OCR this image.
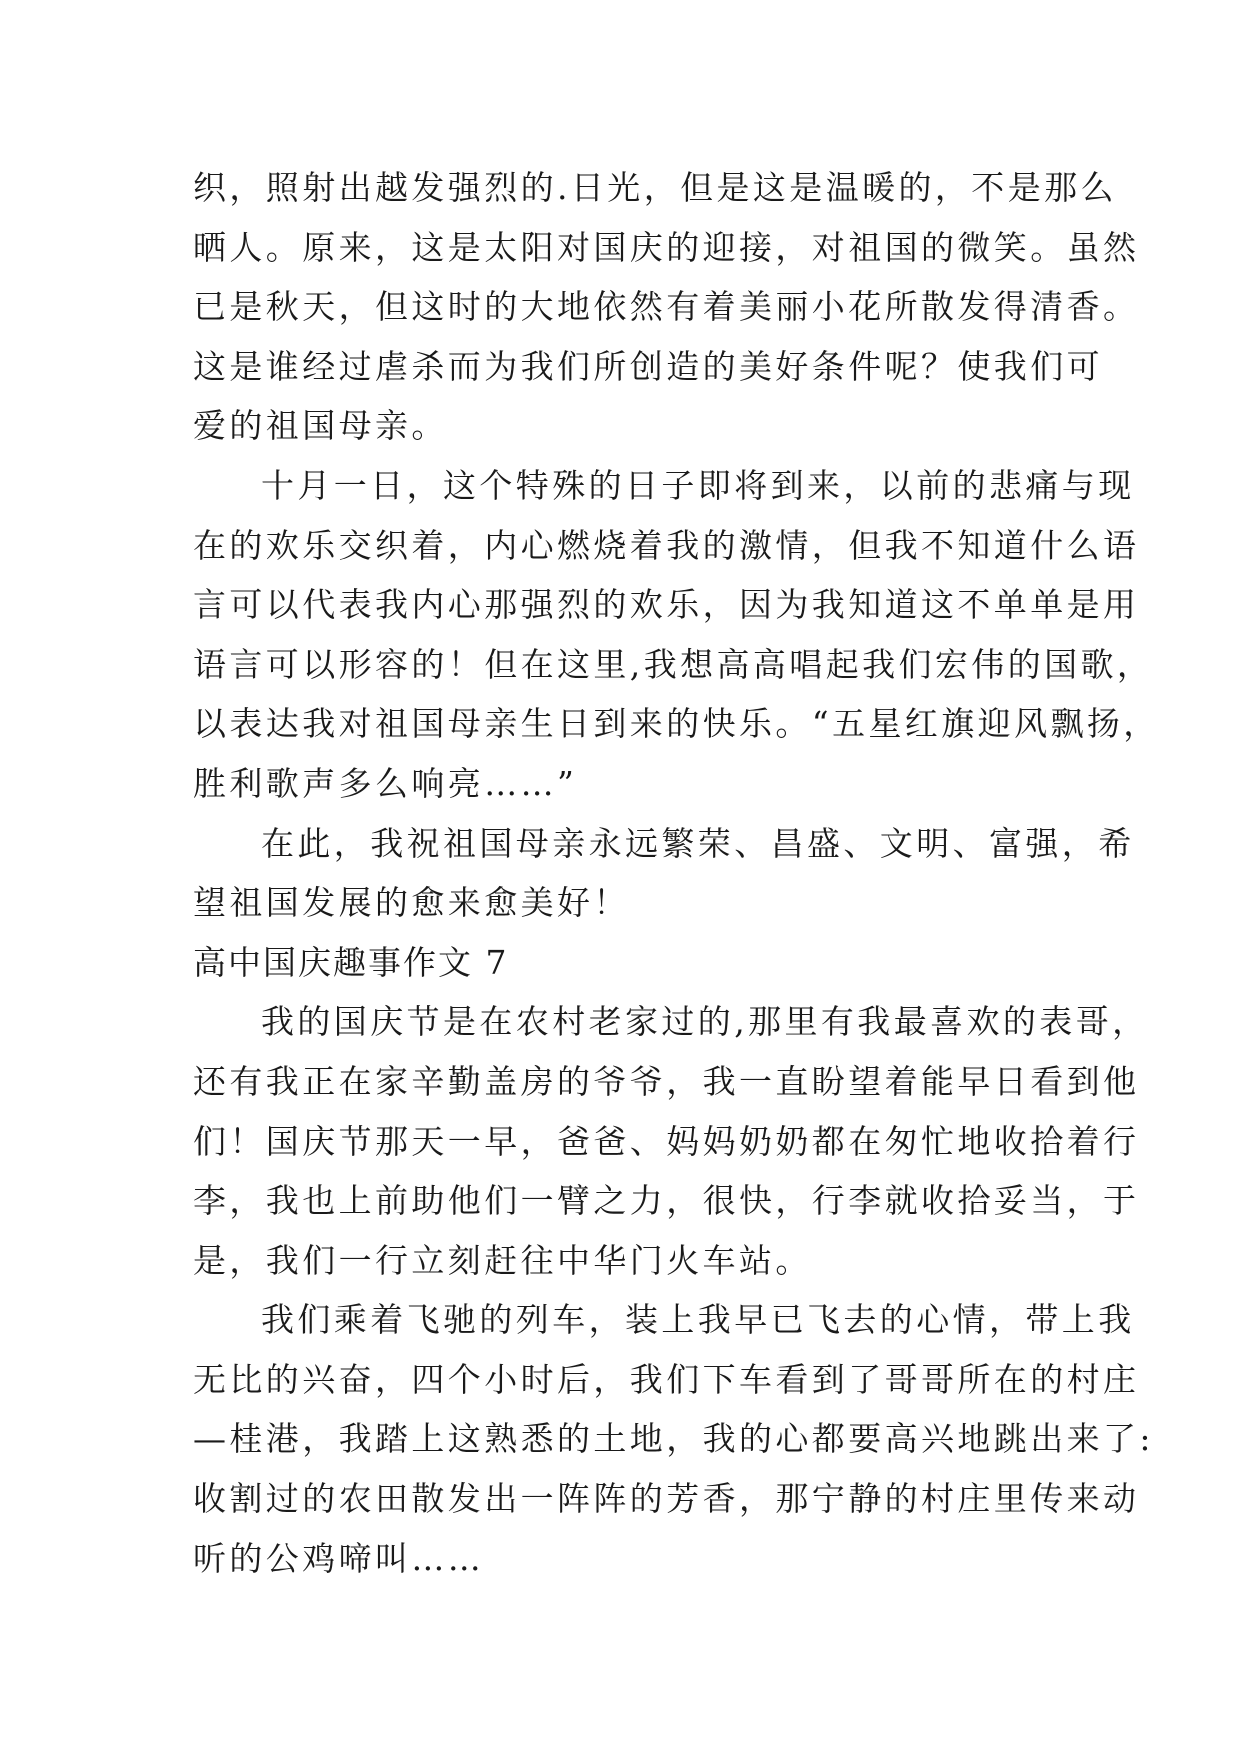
织，照射出越发强烈的.日光，但是这是温暖的，不是那么
晒人。原来，这是太阳对国庆的迎接，对祖国的微笑。虽然
已是秋天，但这时的大地依然有着美丽小花所散发得清香。
这是谁经过虐杀而为我们所创造的美好条件呢？使我们可
爱的祖国母亲。
十月一日，这个特殊的日子即将到来，以前的悲痛与现
在的欢乐交织着，内心燃烧着我的激情，但我不知道什么语
言可以代表我内心那强烈的欢乐，因为我知道这不单单是用
语言可以形容的！但在这里,我想高高唱起我们宏伟的国歌，
以表达我对祖国母亲生日到来的快乐。“五星红旗迎风飘扬，
胜利歌声多么响亮……”
在此，我祝祖国母亲永远繁荣、昌盛、文明、富强，希
望祖国发展的愈来愈美好！
高中国庆趣事作文 7
我的国庆节是在农村老家过的,那里有我最喜欢的表哥，
还有我正在家辛勤盖房的爷爷，我一直盼望着能早日看到他
们！国庆节那天一早，爸爸、妈妈奶奶都在匆忙地收拾着行
李，我也上前助他们一臂之力，很快，行李就收拾妥当，于
是，我们一行立刻赶往中华门火车站。
我们乘着飞驰的列车，装上我早已飞去的心情，带上我
无比的兴奋，四个小时后，我们下车看到了哥哥所在的村庄
—桂港，我踏上这熟悉的土地，我的心都要高兴地跳出来了:
收割过的农田散发出一阵阵的芳香，那宁静的村庄里传来动
听的公鸡啼叫……
